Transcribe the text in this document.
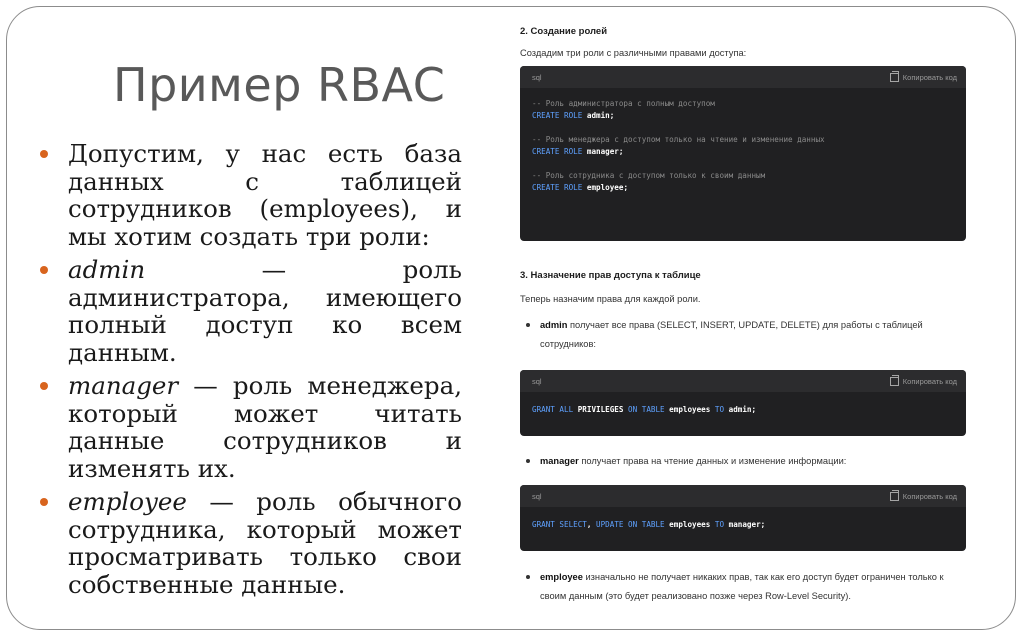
Пример RBAC
Допустим, у нас есть база данных с таблицей сотрудников (employees), и мы хотим создать три роли:
admin — роль администратора, имеющего полный доступ ко всем данным.
manager — роль менеджера, который может читать данные сотрудников и изменять их.
employee — роль обычного сотрудника, который может просматривать только свои собственные данные.
2. Создание ролей
Создадим три роли с различными правами доступа:
sql	Копировать код
-- Роль администратора с полным доступом
CREATE ROLE admin;
-- Роль менеджера с доступом только на чтение и изменение данных
CREATE ROLE manager;
-- Роль сотрудника с доступом только к своим данным
CREATE ROLE employee;
3. Назначение прав доступа к таблице
Теперь назначим права для каждой роли.
admin получает все права (SELECT, INSERT, UPDATE, DELETE) для работы с таблицей сотрудников:
sql	Копировать код
GRANT ALL PRIVILEGES ON TABLE employees TO admin;
manager получает права на чтение данных и изменение информации:
sql	Копировать код
GRANT SELECT, UPDATE ON TABLE employees TO manager;
employee изначально не получает никаких прав, так как его доступ будет ограничен только к своим данным (это будет реализовано позже через Row-Level Security).
